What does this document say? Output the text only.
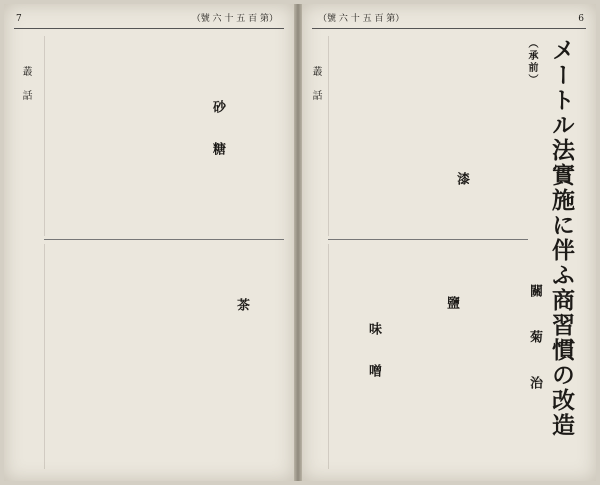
7	（號 六 十 五 百 第）
叢　話
砂　糖
茶
（號 六 十 五 百 第）	6
叢　話	メートル法實施に伴ふ商習慣の改造（承前）
關　菊　治
漆
鹽
味　噌
